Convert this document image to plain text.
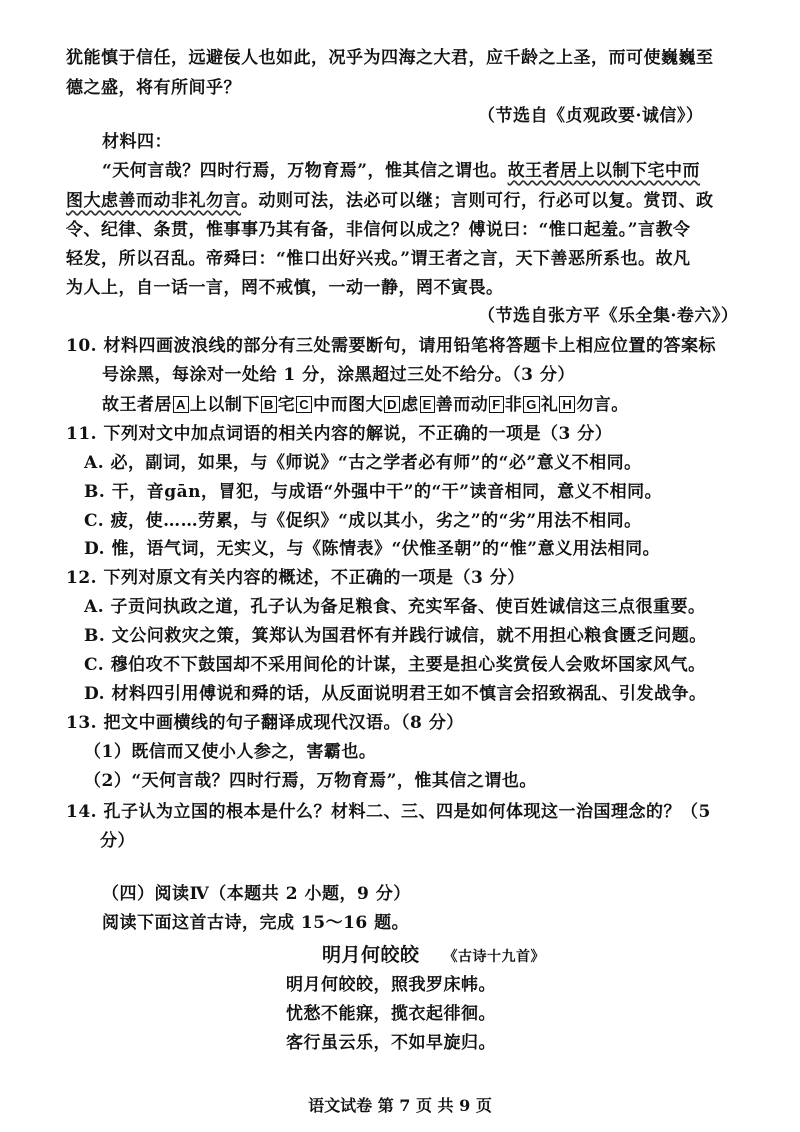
犹能慎于信任，远避佞人也如此，况乎为四海之大君，应千龄之上圣，而可使巍巍至
德之盛，将有所间乎？
（节选自《贞观政要·诚信》）
材料四：
“天何言哉？四时行焉，万物育焉”，惟其信之谓也。故王者居上以制下宅中而
图大虑善而动非礼勿言。动则可法，法必可以继；言则可行，行必可以复。赏罚、政
令、纪律、条贯，惟事事乃其有备，非信何以成之？傅说曰：“惟口起羞。”言教令
轻发，所以召乱。帝舜曰：“惟口出好兴戎。”谓王者之言，天下善恶所系也。故凡
为人上，自一话一言，罔不戒慎，一动一静，罔不寅畏。
（节选自张方平《乐全集·卷六》）
10. 材料四画波浪线的部分有三处需要断句，请用铅笔将答题卡上相应位置的答案标
号涂黑，每涂对一处给 1 分，涂黑超过三处不给分。（3 分）
故王者居 A 上以制下 B 宅 C 中而图大 D 虑 E 善而动 F 非 G 礼 H 勿言。
11. 下列对文中加点词语的相关内容的解说，不正确的一项是（3 分）
A. 必，副词，如果，与《师说》“古之学者必有师”的“必”意义不相同。
B. 干，音gān，冒犯，与成语“外强中干”的“干”读音相同，意义不相同。
C. 疲，使……劳累，与《促织》“成以其小，劣之”的“劣”用法不相同。
D. 惟，语气词，无实义，与《陈情表》“伏惟圣朝”的“惟”意义用法相同。
12. 下列对原文有关内容的概述，不正确的一项是（3 分）
A. 子贡问执政之道，孔子认为备足粮食、充实军备、使百姓诚信这三点很重要。
B. 文公问救灾之策，箕郑认为国君怀有并践行诚信，就不用担心粮食匮乏问题。
C. 穆伯攻不下鼓国却不采用间伦的计谋，主要是担心奖赏佞人会败坏国家风气。
D. 材料四引用傅说和舜的话，从反面说明君王如不慎言会招致祸乱、引发战争。
13. 把文中画横线的句子翻译成现代汉语。（8 分）
（1）既信而又使小人参之，害霸也。
（2）“天何言哉？四时行焉，万物育焉”，惟其信之谓也。
14. 孔子认为立国的根本是什么？材料二、三、四是如何体现这一治国理念的？（5
分）
（四）阅读Ⅳ（本题共 2 小题，9 分）
阅读下面这首古诗，完成 15～16 题。
明月何皎皎 《古诗十九首》
明月何皎皎，照我罗床帏。
忧愁不能寐，揽衣起徘徊。
客行虽云乐，不如早旋归。
语文试卷 第 7 页 共 9 页
